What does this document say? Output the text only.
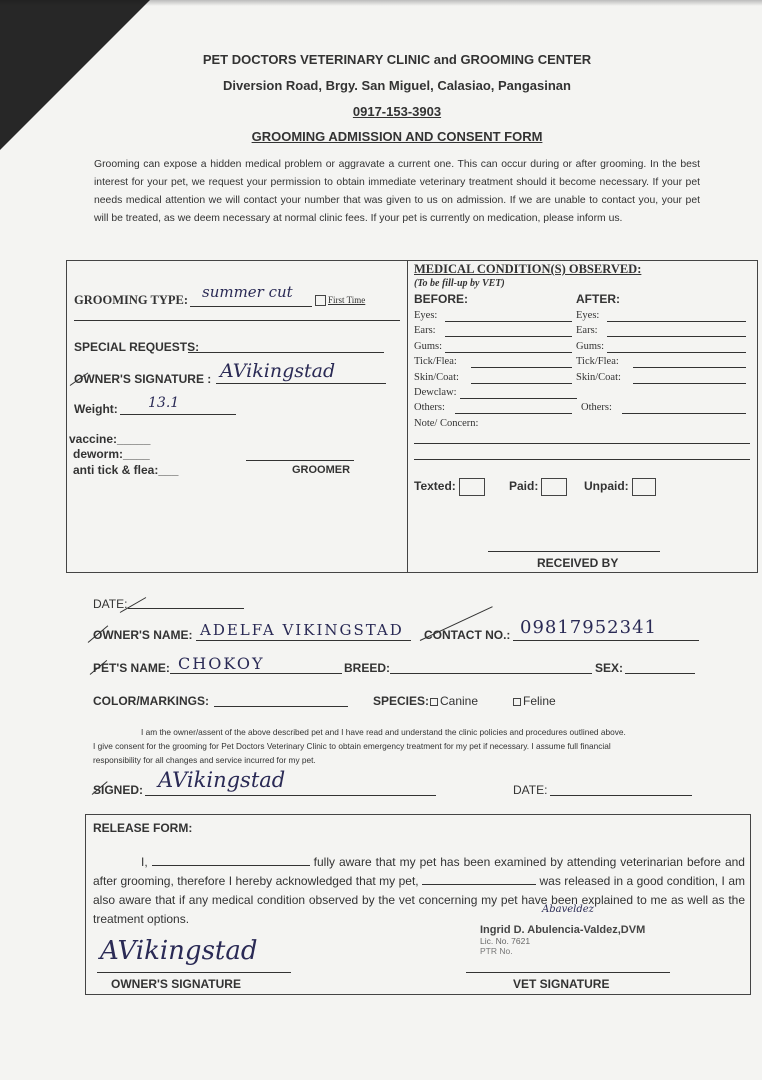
PET DOCTORS VETERINARY CLINIC and GROOMING CENTER
Diversion Road, Brgy. San Miguel, Calasiao, Pangasinan
0917-153-3903
GROOMING ADMISSION AND CONSENT FORM
Grooming can expose a hidden medical problem or aggravate a current one. This can occur during or after grooming. In the best interest for your pet, we request your permission to obtain immediate veterinary treatment should it become necessary. If your pet needs medical attention we will contact your number that was given to us on admission. If we are unable to contact you, your pet will be treated, as we deem necessary at normal clinic fees. If your pet is currently on medication, please inform us.
GROOMING TYPE: summer cut	First Time
SPECIAL REQUESTS:
OWNER'S SIGNATURE : AVikingstad
Weight: 13.1
vaccine:_____
deworm:____
anti tick & flea:___	GROOMER
MEDICAL CONDITION(S) OBSERVED:
(To be fill-up by VET)
BEFORE:	AFTER:
Eyes:	Eyes:
Ears:	Ears:
Gums:	Gums:
Tick/Flea:	Tick/Flea:
Skin/Coat:	Skin/Coat:
Dewclaw:
Others:	Others:
Note/ Concern:
Texted:	Paid:	Unpaid:
RECEIVED BY
DATE:
OWNER'S NAME: ADELFA VIKINGSTAD CONTACT NO.: 09817952341
PET'S NAME: CHOKOY	BREED:	SEX:
COLOR/MARKINGS:	SPECIES: Canine	Feline
I am the owner/assent of the above described pet and I have read and understand the clinic policies and procedures outlined above.
I give consent for the grooming for Pet Doctors Veterinary Clinic to obtain emergency treatment for my pet if necessary. I assume full financial
responsibility for all changes and service incurred for my pet.
SIGNED: AVikingstad	DATE:
RELEASE FORM:
I,	fully aware that my pet has been examined by attending veterinarian before and after grooming, therefore I hereby acknowledged that my pet,	was released in a good condition, I am also aware that if any medical condition observed by the vet concerning my pet have been explained to me as well as the treatment options.
Ingrid D. Abulencia-Valdez,DVM
Lic. No. 7621
PTR No.
Abaveldez
AVikingstad
OWNER'S SIGNATURE	VET SIGNATURE
